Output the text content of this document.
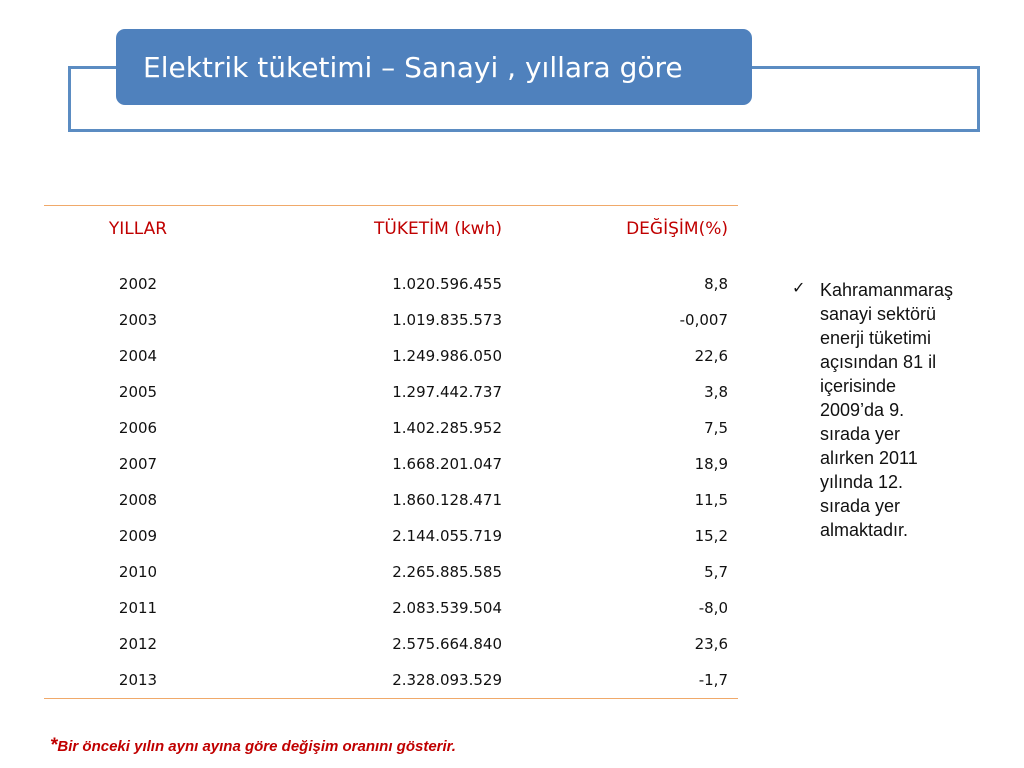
Elektrik tüketimi – Sanayi , yıllara göre
YILLAR	TÜKETİM (kwh)	DEĞİŞİM(%)
2002	1.020.596.455	8,8
2003	1.019.835.573	-0,007
2004	1.249.986.050	22,6
2005	1.297.442.737	3,8
2006	1.402.285.952	7,5
2007	1.668.201.047	18,9
2008	1.860.128.471	11,5
2009	2.144.055.719	15,2
2010	2.265.885.585	5,7
2011	2.083.539.504	-8,0
2012	2.575.664.840	23,6
2013	2.328.093.529	-1,7
✓ Kahramanmaraş
sanayi sektörü
enerji tüketimi
açısından 81 il
içerisinde
2009’da 9.
sırada yer
alırken 2011
yılında 12.
sırada yer
almaktadır.
*Bir önceki yılın aynı ayına göre değişim oranını gösterir.
